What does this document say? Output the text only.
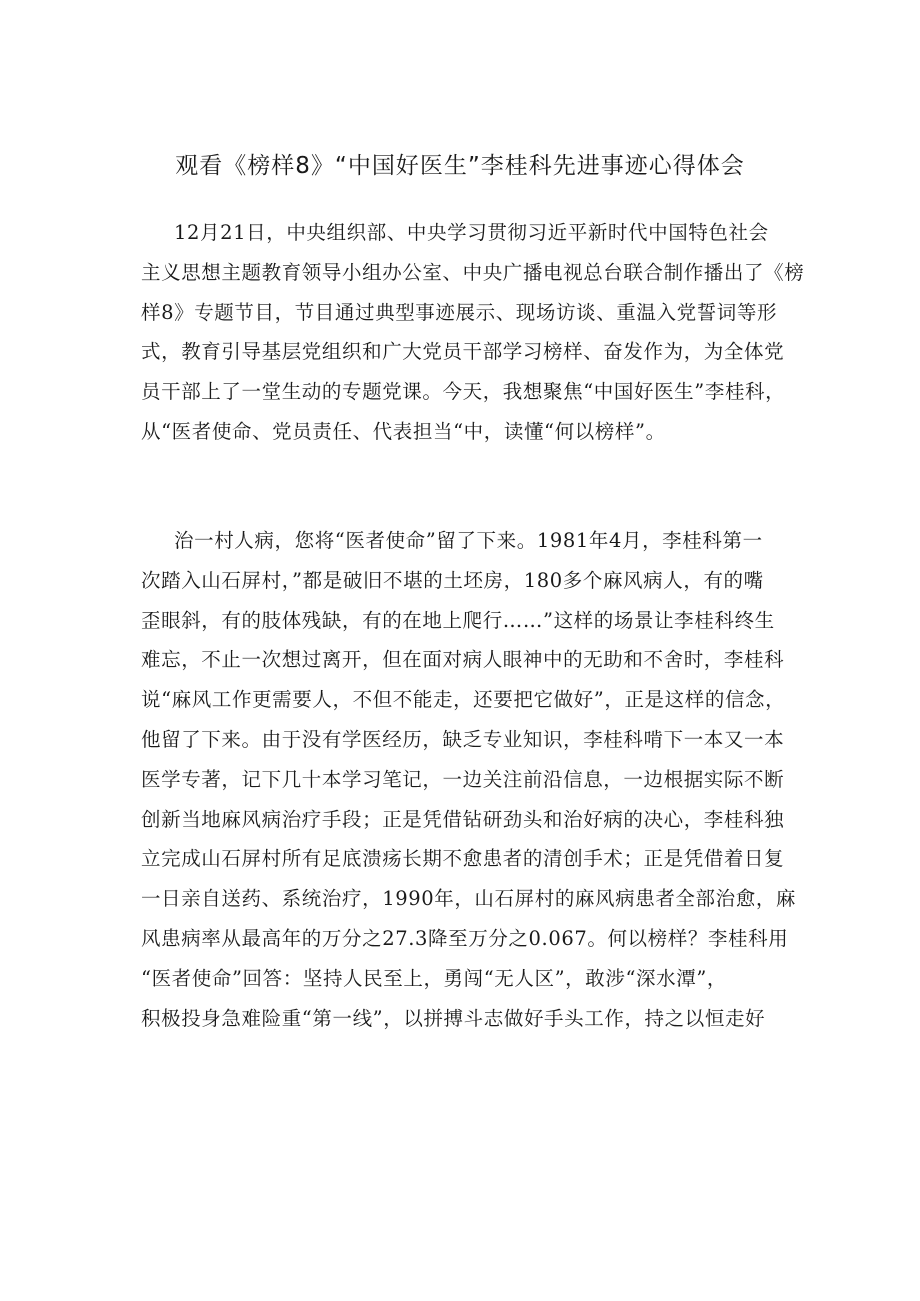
观看《榜样8》“中国好医生”李桂科先进事迹心得体会
12月21日，中央组织部、中央学习贯彻习近平新时代中国特色社会
主义思想主题教育领导小组办公室、中央广播电视总台联合制作播出了《榜
样8》专题节目，节目通过典型事迹展示、现场访谈、重温入党誓词等形
式，教育引导基层党组织和广大党员干部学习榜样、奋发作为，为全体党
员干部上了一堂生动的专题党课。今天，我想聚焦“中国好医生”李桂科，
从“医者使命、党员责任、代表担当“中，读懂“何以榜样”。
治一村人病，您将“医者使命”留了下来。1981年4月，李桂科第一
次踏入山石屏村，”都是破旧不堪的土坯房，180多个麻风病人，有的嘴
歪眼斜，有的肢体残缺，有的在地上爬行……”这样的场景让李桂科终生
难忘，不止一次想过离开，但在面对病人眼神中的无助和不舍时，李桂科
说“麻风工作更需要人，不但不能走，还要把它做好”，正是这样的信念，
他留了下来。由于没有学医经历，缺乏专业知识，李桂科啃下一本又一本
医学专著，记下几十本学习笔记，一边关注前沿信息，一边根据实际不断
创新当地麻风病治疗手段；正是凭借钻研劲头和治好病的决心，李桂科独
立完成山石屏村所有足底溃疡长期不愈患者的清创手术；正是凭借着日复
一日亲自送药、系统治疗，1990年，山石屏村的麻风病患者全部治愈，麻
风患病率从最高年的万分之27.3降至万分之0.067。何以榜样？李桂科用
“医者使命”回答：坚持人民至上，勇闯“无人区”，敢涉“深水潭”，
积极投身急难险重“第一线”，以拼搏斗志做好手头工作，持之以恒走好
